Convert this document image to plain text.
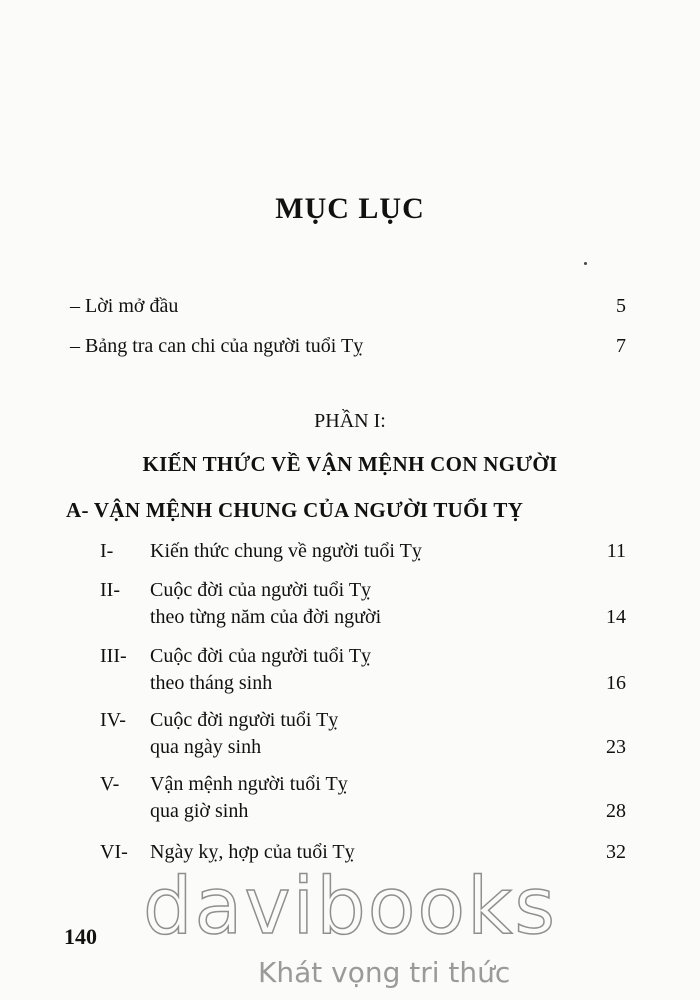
MỤC LỤC
– Lời mở đầu	5
– Bảng tra can chi của người tuổi Tỵ	7
PHẦN I:
KIẾN THỨC VỀ VẬN MỆNH CON NGƯỜI
A- VẬN MỆNH CHUNG CỦA NGƯỜI TUỔI TỴ
I- Kiến thức chung về người tuổi Tỵ	11
II- Cuộc đời của người tuổi Tỵ
theo từng năm của đời người	14
III- Cuộc đời của người tuổi Tỵ
theo tháng sinh	16
IV- Cuộc đời người tuổi Tỵ
qua ngày sinh	23
V- Vận mệnh người tuổi Tỵ
qua giờ sinh	28
VI- Ngày kỵ, hợp của tuổi Tỵ	32
140 davibooks
Khát vọng tri thức
